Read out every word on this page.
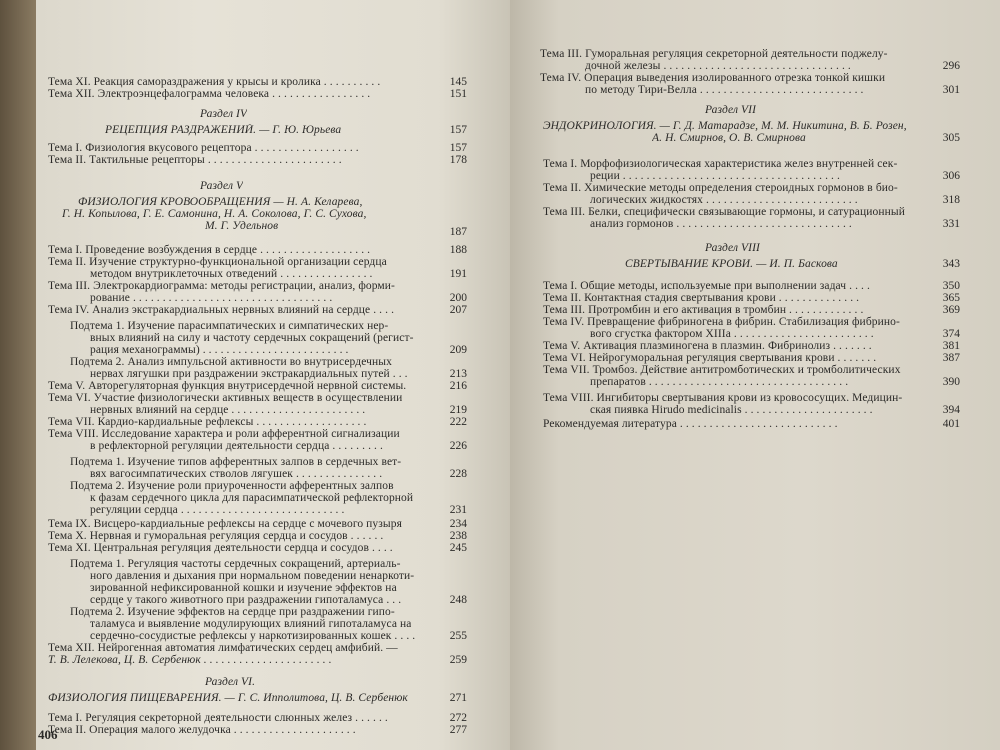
Тема XI. Реакция самораздражения у крысы и кролика . . . . . . . . . .	145
Тема XII. Электроэнцефалограмма человека . . . . . . . . . . . . . . . . .	151
Раздел IV
РЕЦЕПЦИЯ РАЗДРАЖЕНИЙ. — Г. Ю. Юрьева	157
Тема I. Физиология вкусового рецептора . . . . . . . . . . . . . . . . . .	157
Тема II. Тактильные рецепторы . . . . . . . . . . . . . . . . . . . . . . .	178
Раздел V
ФИЗИОЛОГИЯ КРОВООБРАЩЕНИЯ — Н. А. Келарева,
Г. Н. Копылова, Г. Е. Самонина, Н. А. Соколова, Г. С. Сухова,
М. Г. Удельнов	187
Тема I. Проведение возбуждения в сердце . . . . . . . . . . . . . . . . . . .	188
Тема II. Изучение структурно-функциональной организации сердца
методом внутриклеточных отведений . . . . . . . . . . . . . . . .	191
Тема III. Электрокардиограмма: методы регистрации, анализ, форми-
рование . . . . . . . . . . . . . . . . . . . . . . . . . . . . . . . . . .	200
Тема IV. Анализ экстракардиальных нервных влияний на сердце . . . .	207
Подтема 1. Изучение парасимпатических и симпатических нер-
вных влияний на силу и частоту сердечных сокращений (регист-
рация механограммы) . . . . . . . . . . . . . . . . . . . . . . . . .	209
Подтема 2. Анализ импульсной активности во внутрисердечных
нервах лягушки при раздражении экстракардиальных путей . . .	213
Тема V. Авторегуляторная функция внутрисердечной нервной системы.	216
Тема VI. Участие физиологически активных веществ в осуществлении
нервных влияний на сердце . . . . . . . . . . . . . . . . . . . . . . .	219
Тема VII. Кардио-кардиальные рефлексы . . . . . . . . . . . . . . . . . . .	222
Тема VIII. Исследование характера и роли афферентной сигнализации
в рефлекторной регуляции деятельности сердца . . . . . . . . .	226
Подтема 1. Изучение типов афферентных залпов в сердечных вет-
вях вагосимпатических стволов лягушек . . . . . . . . . . . . . . .	228
Подтема 2. Изучение роли приуроченности афферентных залпов
к фазам сердечного цикла для парасимпатической рефлекторной
регуляции сердца . . . . . . . . . . . . . . . . . . . . . . . . . . . .	231
Тема IX. Висцеро-кардиальные рефлексы на сердце с мочевого пузыря	234
Тема X. Нервная и гуморальная регуляция сердца и сосудов . . . . . .	238
Тема XI. Центральная регуляция деятельности сердца и сосудов . . . .	245
Подтема 1. Регуляция частоты сердечных сокращений, артериаль-
ного давления и дыхания при нормальном поведении ненаркоти-
зированной нефиксированной кошки и изучение эффектов на
сердце у такого животного при раздражении гипоталамуса . . .	248
Подтема 2. Изучение эффектов на сердце при раздражении гипо-
таламуса и выявление модулирующих влияний гипоталамуса на
сердечно-сосудистые рефлексы у наркотизированных кошек . . . .	255
Тема XII. Нейрогенная автоматия лимфатических сердец амфибий. —
Т. В. Лелекова, Ц. В. Сербенюк . . . . . . . . . . . . . . . . . . . . . .	259
Раздел VI.
ФИЗИОЛОГИЯ ПИЩЕВАРЕНИЯ. — Г. С. Ипполитова, Ц. В. Сербенюк	271
Тема I. Регуляция секреторной деятельности слюнных желез . . . . . .	272
Тема II. Операция малого желудочка . . . . . . . . . . . . . . . . . . . . .	277
Тема III. Гуморальная регуляция секреторной деятельности поджелу-
дочной железы . . . . . . . . . . . . . . . . . . . . . . . . . . . . . . . .	296
Тема IV. Операция выведения изолированного отрезка тонкой кишки
по методу Тири-Велла . . . . . . . . . . . . . . . . . . . . . . . . . . . .	301
Раздел VII
ЭНДОКРИНОЛОГИЯ. — Г. Д. Матарадзе, М. М. Никитина, В. Б. Розен,
А. Н. Смирнов, О. В. Смирнова	305
Тема I. Морфофизиологическая характеристика желез внутренней сек-
реции . . . . . . . . . . . . . . . . . . . . . . . . . . . . . . . . . . . . .	306
Тема II. Химические методы определения стероидных гормонов в био-
логических жидкостях . . . . . . . . . . . . . . . . . . . . . . . . . .	318
Тема III. Белки, специфически связывающие гормоны, и сатурационный
анализ гормонов . . . . . . . . . . . . . . . . . . . . . . . . . . . . . .	331
Раздел VIII
СВЕРТЫВАНИЕ КРОВИ. — И. П. Баскова	343
Тема I. Общие методы, используемые при выполнении задач . . . .	350
Тема II. Контактная стадия свертывания крови . . . . . . . . . . . . . .	365
Тема III. Протромбин и его активация в тромбин . . . . . . . . . . . . .	369
Тема IV. Превращение фибриногена в фибрин. Стабилизация фибрино-
вого сгустка фактором XIIIa . . . . . . . . . . . . . . . . . . . . . . . .	374
Тема V. Активация плазминогена в плазмин. Фибринолиз . . . . . . .	381
Тема VI. Нейрогуморальная регуляция свертывания крови . . . . . . .	387
Тема VII. Тромбоз. Действие антитромботических и тромболитических
препаратов . . . . . . . . . . . . . . . . . . . . . . . . . . . . . . . . . .	390
Тема VIII. Ингибиторы свертывания крови из кровососущих. Медицин-
ская пиявка Hirudo medicinalis . . . . . . . . . . . . . . . . . . . . . .	394
Рекомендуемая литература . . . . . . . . . . . . . . . . . . . . . . . . . . .	401
406
